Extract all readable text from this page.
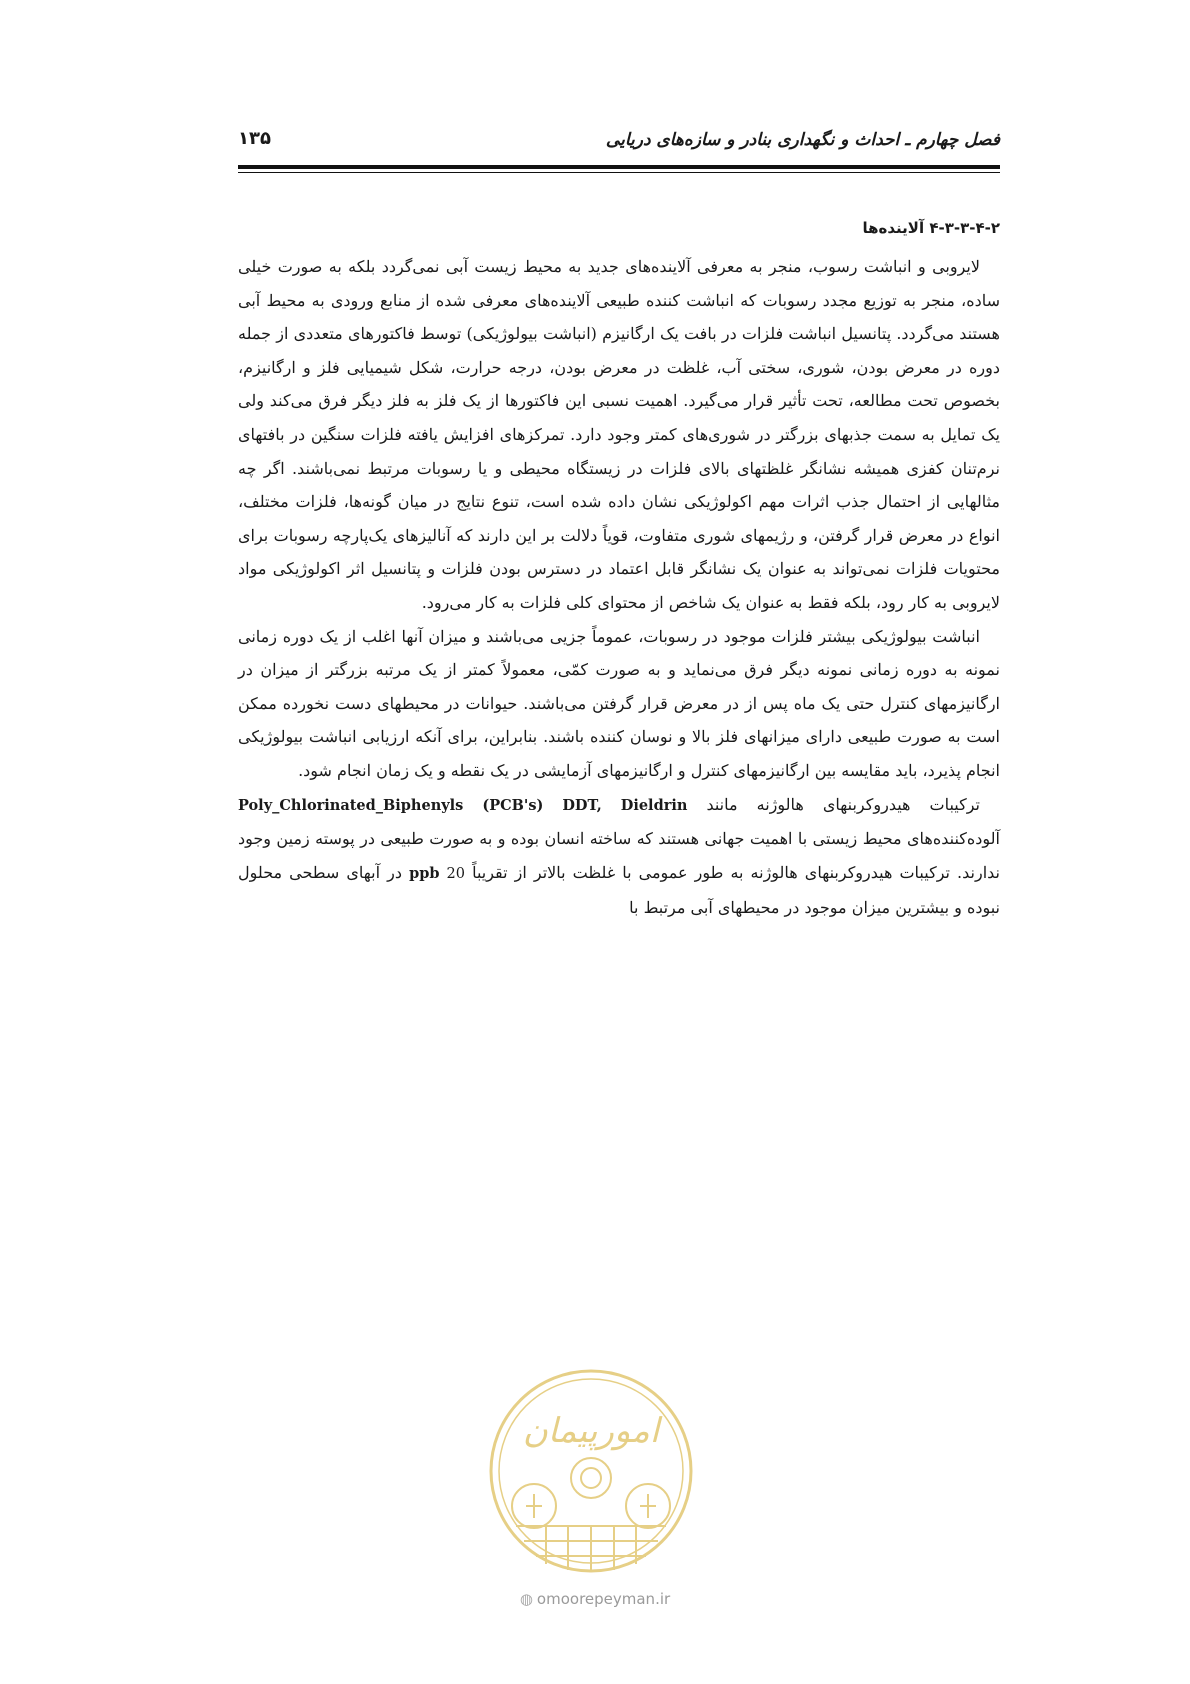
فصل چهارم ـ احداث و نگهداری بنادر و سازه‌های دریایی
۱۳۵
۴-۳-۳-۴-۲ آلاینده‌ها

لایروبی و انباشت رسوب، منجر به معرفی آلاینده‌های جدید به محیط زیست آبی نمی‌گردد بلکه به صورت خیلی ساده، منجر به توزیع مجدد رسوبات که انباشت کننده طبیعی آلاینده‌های معرفی شده از منابع ورودی به محیط آبی هستند می‌گردد. پتانسیل انباشت فلزات در بافت یک ارگانیزم (انباشت بیولوژیکی) توسط فاکتورهای متعددی از جمله دوره در معرض بودن، شوری، سختی آب، غلظت در معرض بودن، درجه حرارت، شکل شیمیایی فلز و ارگانیزم، بخصوص تحت مطالعه، تحت تأثیر قرار می‌گیرد. اهمیت نسبی این فاکتورها از یک فلز به فلز دیگر فرق می‌کند ولی یک تمایل به سمت جذبهای بزرگتر در شوری‌های کمتر وجود دارد. تمرکزهای افزایش یافته فلزات سنگین در بافتهای نرم‌تنان کفزی همیشه نشانگر غلظتهای بالای فلزات در زیستگاه محیطی و یا رسوبات مرتبط نمی‌باشند. اگر چه مثالهایی از احتمال جذب اثرات مهم اکولوژیکی نشان داده شده است، تنوع نتایج در میان گونه‌ها، فلزات مختلف، انواع در معرض قرار گرفتن، و رژیمهای شوری متفاوت، قویاً دلالت بر این دارند که آنالیزهای یک‌پارچه رسوبات برای محتویات فلزات نمی‌تواند به عنوان یک نشانگر قابل اعتماد در دسترس بودن فلزات و پتانسیل اثر اکولوژیکی مواد لایروبی به کار رود، بلکه فقط به عنوان یک شاخص از محتوای کلی فلزات به کار می‌رود.

انباشت بیولوژیکی بیشتر فلزات موجود در رسوبات، عموماً جزیی می‌باشند و میزان آنها اغلب از یک دوره زمانی نمونه به دوره زمانی نمونه دیگر فرق می‌نماید و به صورت کمّی، معمولاً کمتر از یک مرتبه بزرگتر از میزان در ارگانیزمهای کنترل حتی یک ماه پس از در معرض قرار گرفتن می‌باشند. حیوانات در محیطهای دست نخورده ممکن است به صورت طبیعی دارای میزانهای فلز بالا و نوسان کننده باشند. بنابراین، برای آنکه ارزیابی انباشت بیولوژیکی انجام پذیرد، باید مقایسه بین ارگانیزمهای کنترل و ارگانیزمهای آزمایشی در یک نقطه و یک زمان انجام شود.

ترکیبات هیدروکربنهای هالوژنه مانند Poly_Chlorinated_Biphenyls (PCB's) DDT, Dieldrin آلوده‌کننده‌های محیط زیستی با اهمیت جهانی هستند که ساخته انسان بوده و به صورت طبیعی در پوسته زمین وجود ندارند. ترکیبات هیدروکربنهای هالوژنه به طور عمومی با غلظت بالاتر از تقریباً 20 ppb در آبهای سطحی محلول نبوده و بیشترین میزان موجود در محیطهای آبی مرتبط با

امورپیمان
◍ omoorepeyman.ir
